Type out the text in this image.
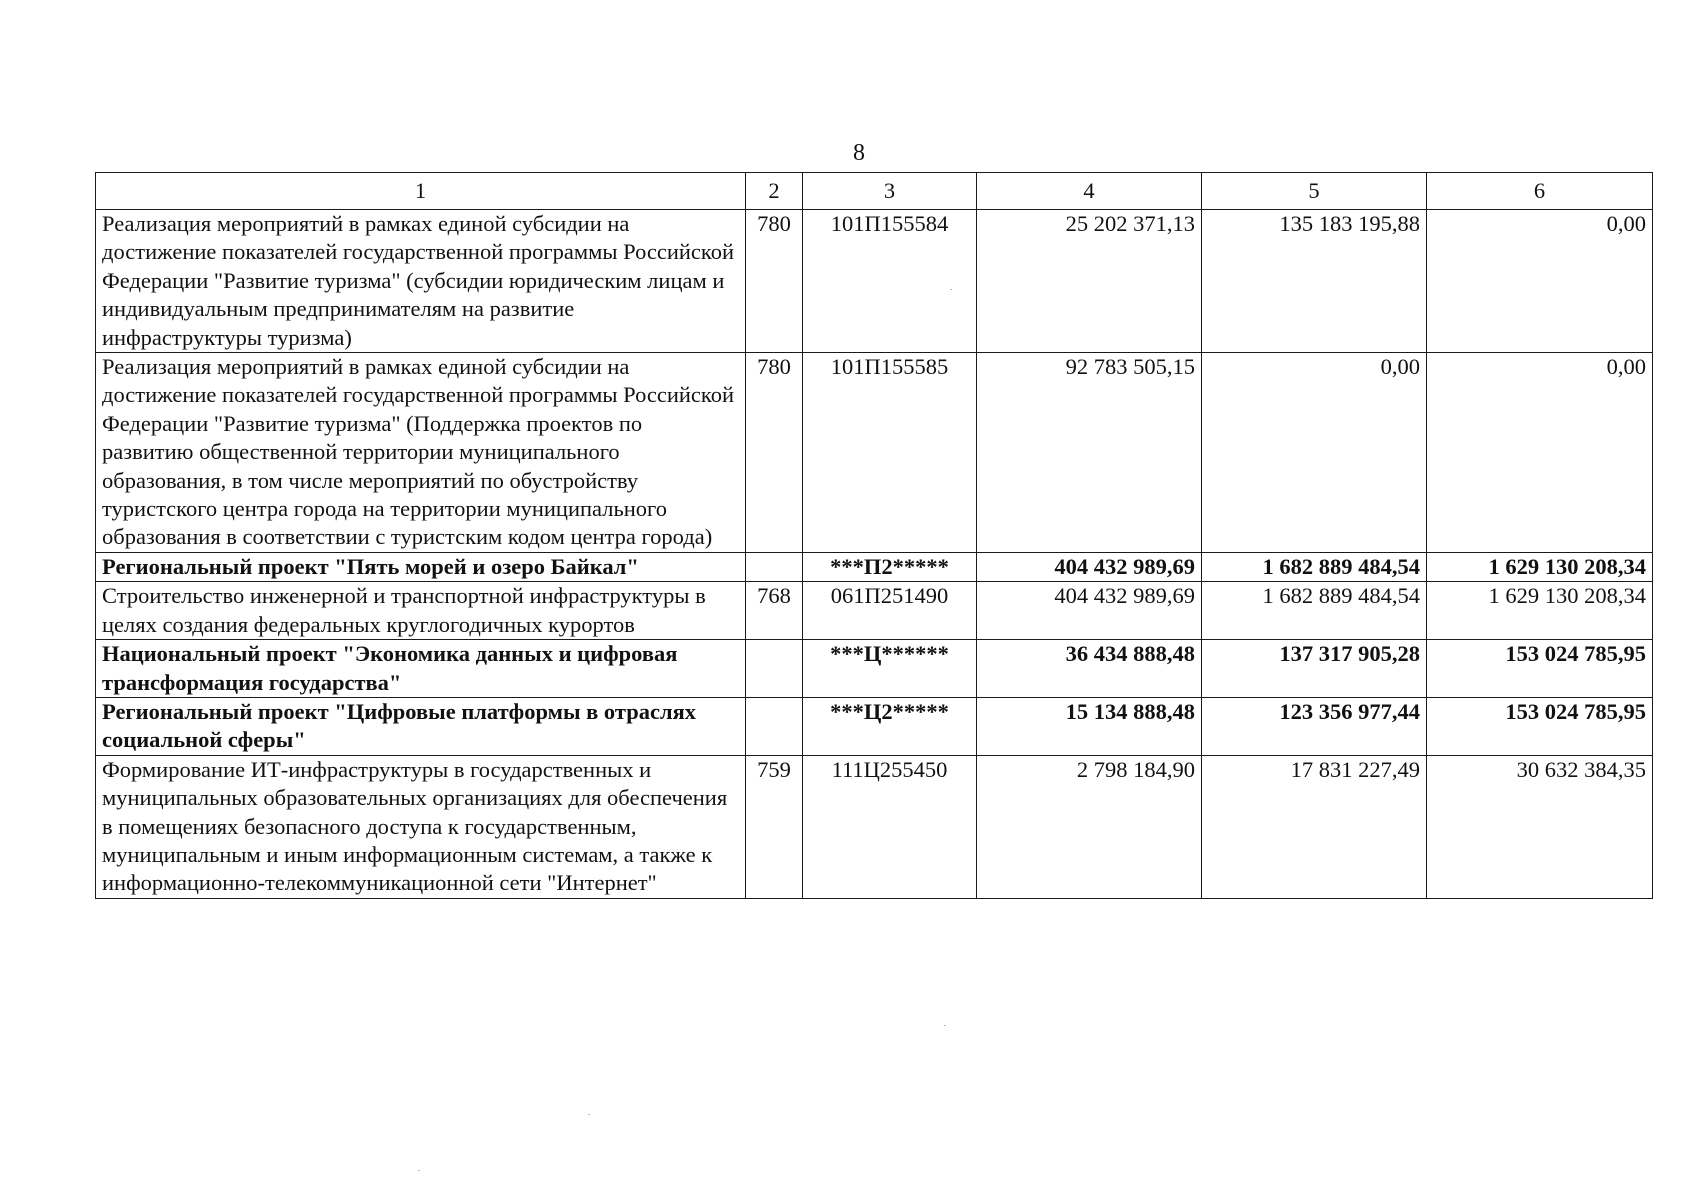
8
1	2	3	4	5	6
Реализация мероприятий в рамках единой субсидии на достижение показателей государственной программы Российской Федерации "Развитие туризма" (субсидии юридическим лицам и индивидуальным предпринимателям на развитие инфраструктуры туризма)	780	101П155584	25 202 371,13	135 183 195,88	0,00
Реализация мероприятий в рамках единой субсидии на достижение показателей государственной программы Российской Федерации "Развитие туризма" (Поддержка проектов по развитию общественной территории муниципального образования, в том числе мероприятий по обустройству туристского центра города на территории муниципального образования в соответствии с туристским кодом центра города)	780	101П155585	92 783 505,15	0,00	0,00
Региональный проект "Пять морей и озеро Байкал"		***П2*****	404 432 989,69	1 682 889 484,54	1 629 130 208,34
Строительство инженерной и транспортной инфраструктуры в целях создания федеральных круглогодичных курортов	768	061П251490	404 432 989,69	1 682 889 484,54	1 629 130 208,34
Национальный проект "Экономика данных и цифровая трансформация государства"		***Ц******	36 434 888,48	137 317 905,28	153 024 785,95
Региональный проект "Цифровые платформы в отраслях социальной сферы"		***Ц2*****	15 134 888,48	123 356 977,44	153 024 785,95
Формирование ИТ-инфраструктуры в государственных и муниципальных образовательных организациях для обеспечения в помещениях безопасного доступа к государственным, муниципальным и иным информационным системам, а также к информационно-телекоммуникационной сети "Интернет"	759	111Ц255450	2 798 184,90	17 831 227,49	30 632 384,35
